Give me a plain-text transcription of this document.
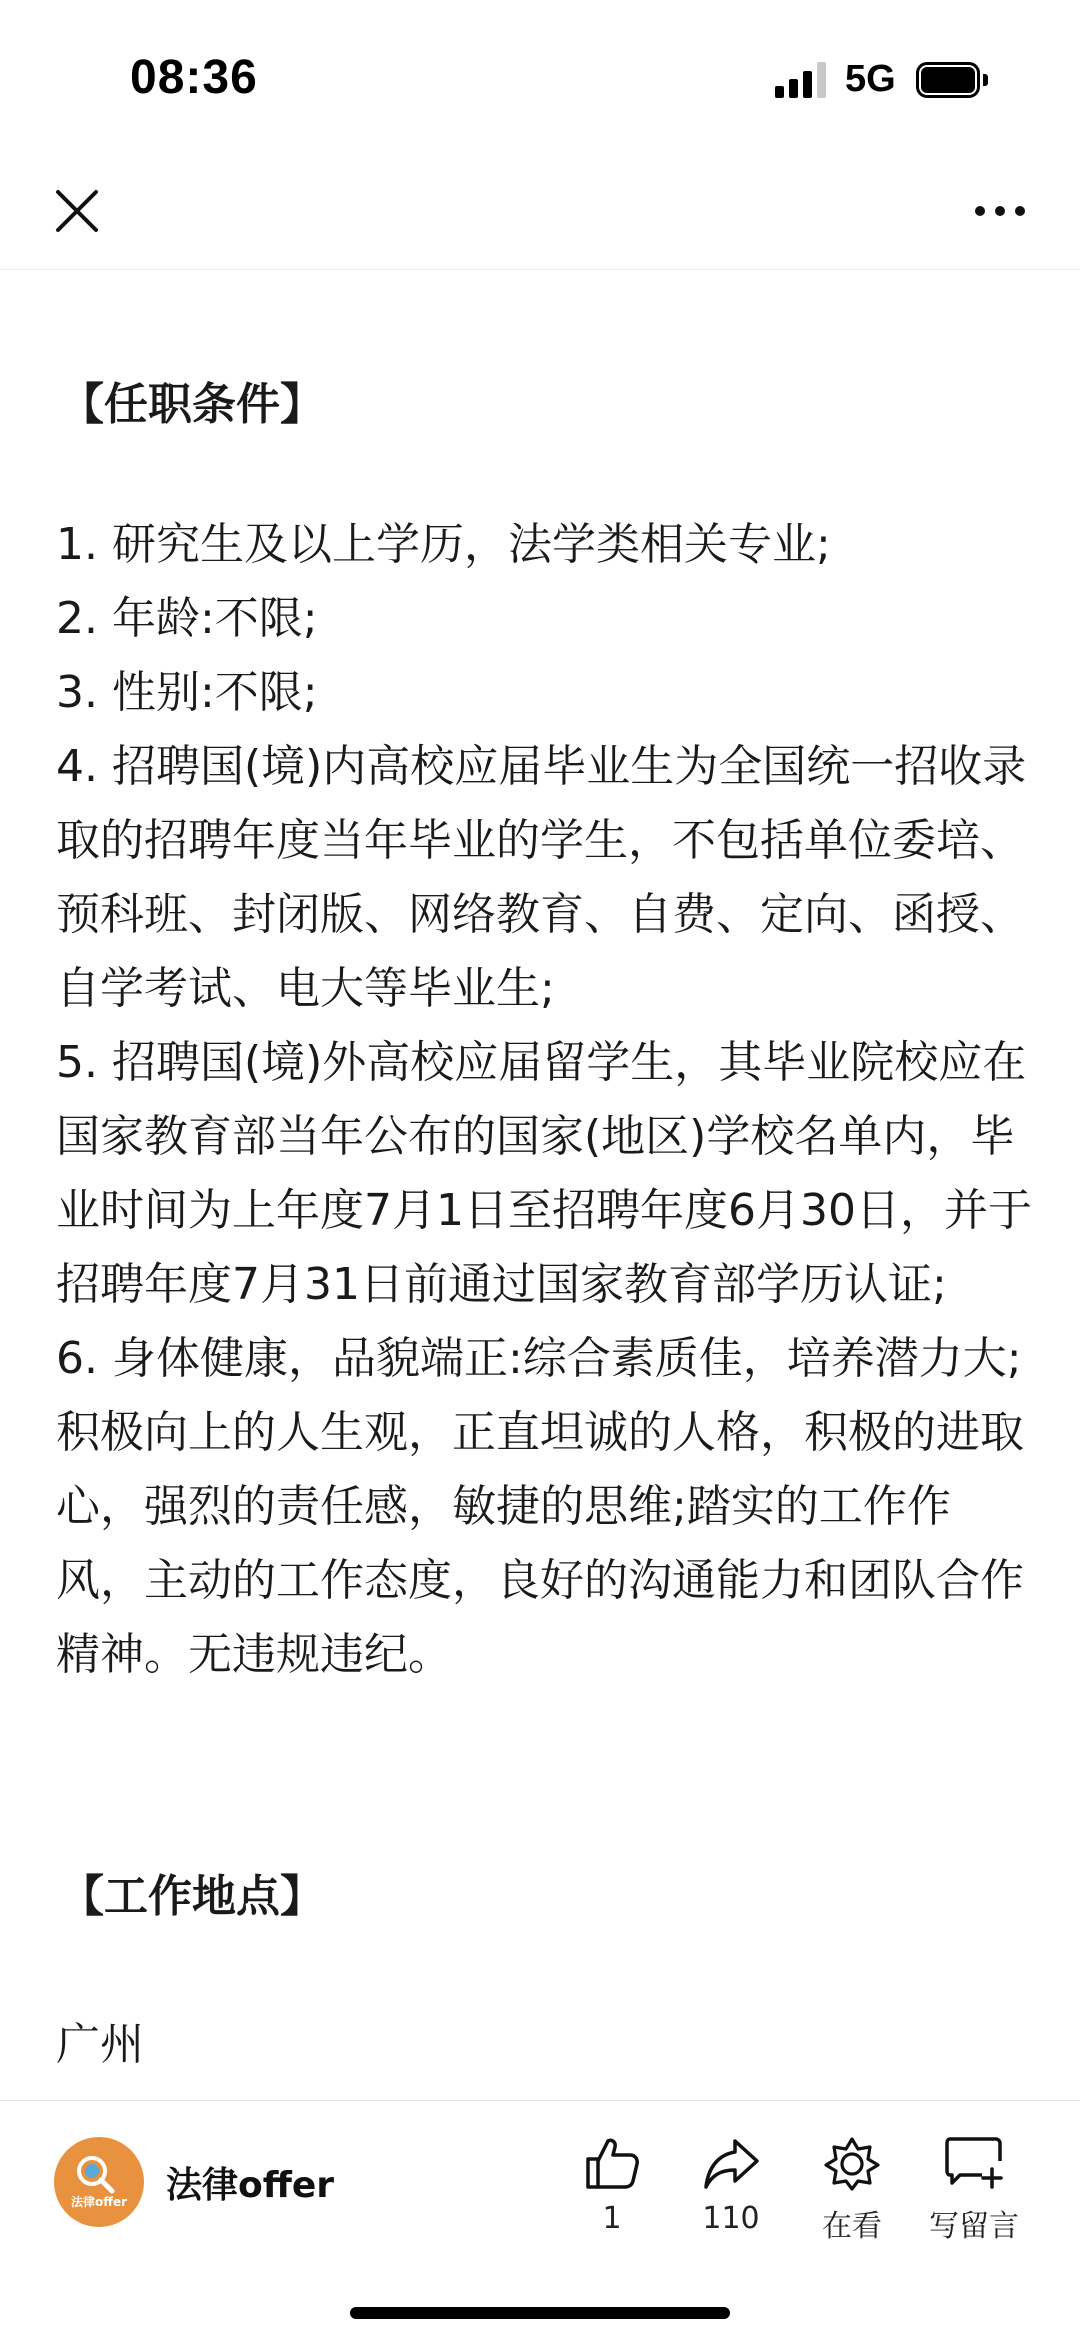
08:36	5G
【任职条件】

1. 研究生及以上学历，法学类相关专业;

2. 年龄:不限;

3. 性别:不限;

4. 招聘国(境)内高校应届毕业生为全国统一招收录取的招聘年度当年毕业的学生，不包括单位委培、预科班、封闭版、网络教育、自费、定向、函授、自学考试、电大等毕业生;

5. 招聘国(境)外高校应届留学生，其毕业院校应在国家教育部当年公布的国家(地区)学校名单内，毕业时间为上年度7月1日至招聘年度6月30日，并于招聘年度7月31日前通过国家教育部学历认证;

6. 身体健康，品貌端正:综合素质佳，培养潜力大;积极向上的人生观，正直坦诚的人格，积极的进取心，强烈的责任感，敏捷的思维;踏实的工作作风，主动的工作态度，良好的沟通能力和团队合作精神。无违规违纪。

【工作地点】
广州
法律offer	法律offer
1	110	在看	写留言
